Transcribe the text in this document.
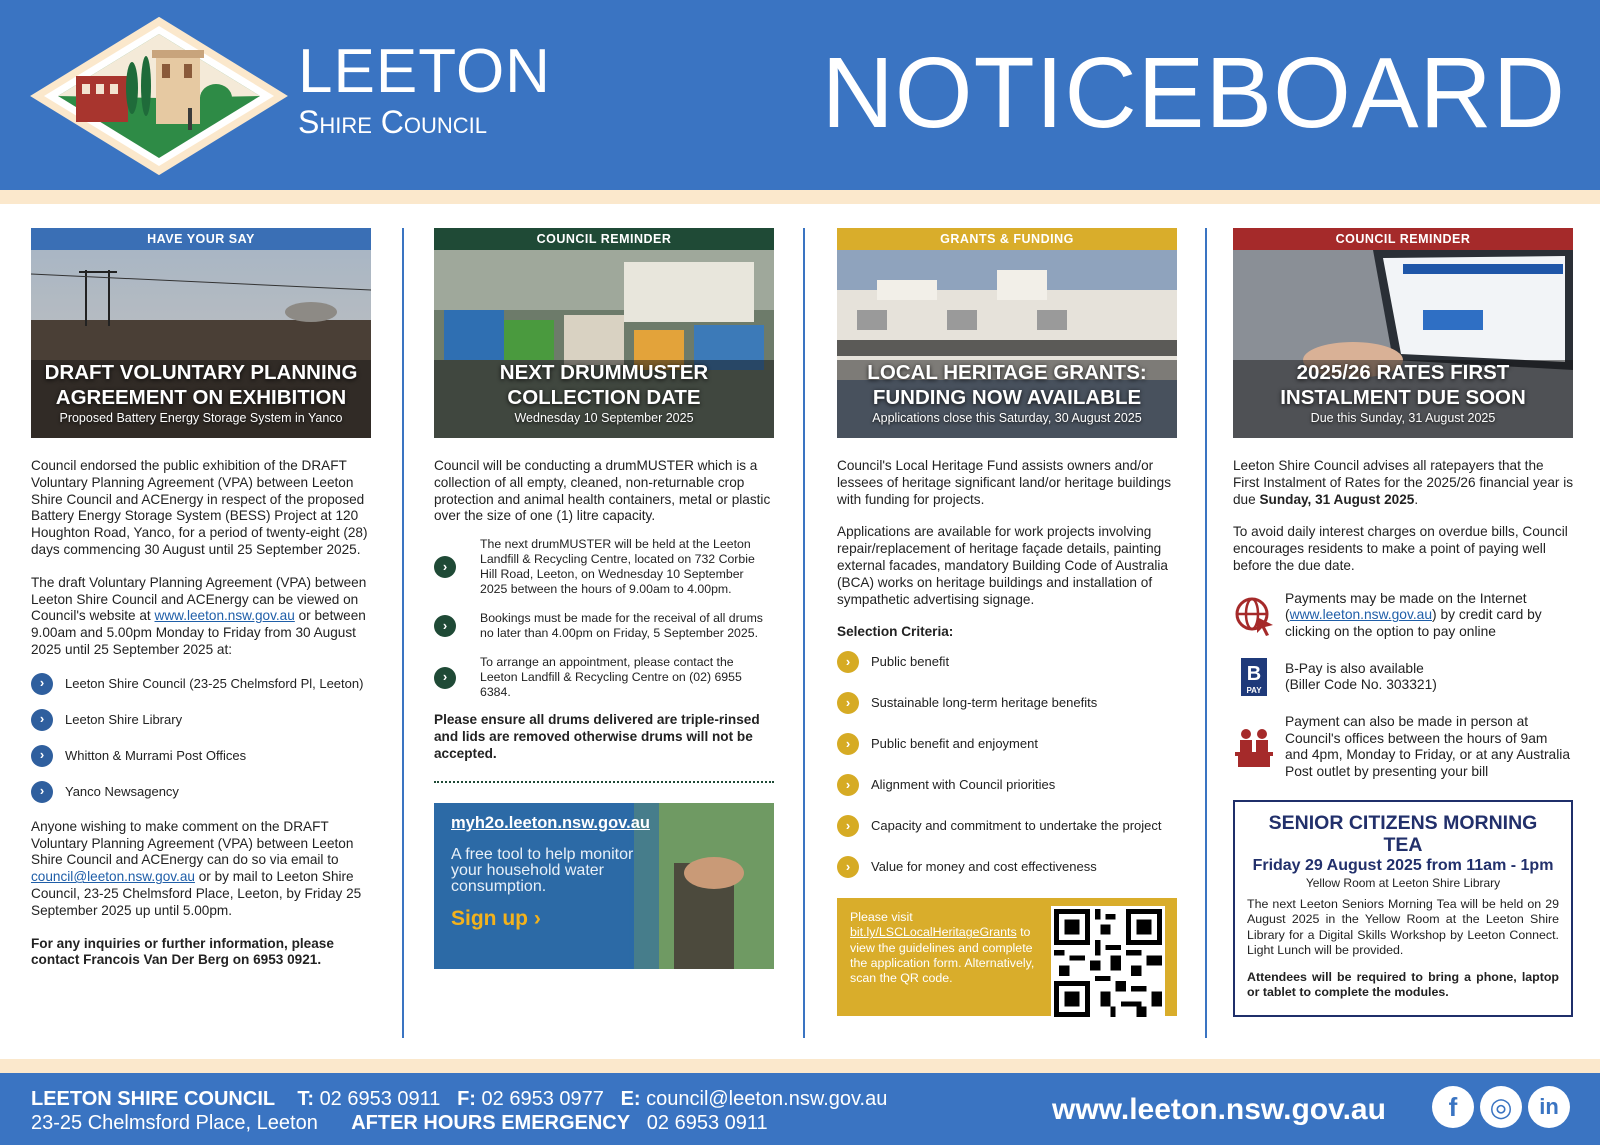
LEETON
Shire Council	NOTICEBOARD
HAVE YOUR SAY
DRAFT VOLUNTARY PLANNING AGREEMENT ON EXHIBITION
Proposed Battery Energy Storage System in Yanco
Council endorsed the public exhibition of the DRAFT Voluntary Planning Agreement (VPA) between Leeton Shire Council and ACEnergy in respect of the proposed Battery Energy Storage System (BESS) Project at 120 Houghton Road, Yanco, for a period of twenty-eight (28) days commencing 30 August until 25 September 2025.
The draft Voluntary Planning Agreement (VPA) between Leeton Shire Council and ACEnergy can be viewed on Council's website at www.leeton.nsw.gov.au or between 9.00am and 5.00pm Monday to Friday from 30 August 2025 until 25 September 2025 at:
›	Leeton Shire Council (23-25 Chelmsford Pl, Leeton)
›	Leeton Shire Library
›	Whitton & Murrami Post Offices
›	Yanco Newsagency
Anyone wishing to make comment on the DRAFT Voluntary Planning Agreement (VPA) between Leeton Shire Council and ACEnergy can do so via email to council@leeton.nsw.gov.au or by mail to Leeton Shire Council, 23-25 Chelmsford Place, Leeton, by Friday 25 September 2025 up until 5.00pm.
For any inquiries or further information, please contact Francois Van Der Berg on 6953 0921.
COUNCIL REMINDER
NEXT DRUMMUSTER COLLECTION DATE
Wednesday 10 September 2025
Council will be conducting a drumMUSTER which is a collection of all empty, cleaned, non-returnable crop protection and animal health containers, metal or plastic over the size of one (1) litre capacity.
›
The next drumMUSTER will be held at the Leeton Landfill & Recycling Centre, located on 732 Corbie Hill Road, Leeton, on Wednesday 10 September 2025 between the hours of 9.00am to 4.00pm.
›	Bookings must be made for the receival of all drums no later than 4.00pm on Friday, 5 September 2025.
›
To arrange an appointment, please contact the Leeton Landfill & Recycling Centre on (02) 6955 6384.
Please ensure all drums delivered are triple-rinsed and lids are removed otherwise drums will not be accepted.
myh2o.leeton.nsw.gov.au
A free tool to help monitor your household water consumption.
Sign up ›
GRANTS & FUNDING
LOCAL HERITAGE GRANTS: FUNDING NOW AVAILABLE
Applications close this Saturday, 30 August 2025
Council's Local Heritage Fund assists owners and/or lessees of heritage significant land/or heritage buildings with funding for projects.
Applications are available for work projects involving repair/replacement of heritage façade details, painting external facades, mandatory Building Code of Australia (BCA) works on heritage buildings and installation of sympathetic advertising signage.
Selection Criteria:
›	Public benefit
›	Sustainable long-term heritage benefits
›	Public benefit and enjoyment
›	Alignment with Council priorities
›	Capacity and commitment to undertake the project
›	Value for money and cost effectiveness
Please visit bit.ly/LSCLocalHeritageGrants to view the guidelines and complete the application form. Alternatively, scan the QR code.
COUNCIL REMINDER
2025/26 RATES FIRST INSTALMENT DUE SOON
Due this Sunday, 31 August 2025
Leeton Shire Council advises all ratepayers that the First Instalment of Rates for the 2025/26 financial year is due Sunday, 31 August 2025.
To avoid daily interest charges on overdue bills, Council encourages residents to make a point of paying well before the due date.
Payments may be made on the Internet (www.leeton.nsw.gov.au) by credit card by clicking on the option to pay online
B
PAY
B-Pay is also available
(Biller Code No. 303321)
Payment can also be made in person at Council's offices between the hours of 9am and 4pm, Monday to Friday, or at any Australia Post outlet by presenting your bill
SENIOR CITIZENS MORNING TEA
Friday 29 August 2025 from 11am - 1pm
Yellow Room at Leeton Shire Library
The next Leeton Seniors Morning Tea will be held on 29 August 2025 in the Yellow Room at the Leeton Shire Library for a Digital Skills Workshop by Leeton Connect. Light Lunch will be provided.
Attendees will be required to bring a phone, laptop or tablet to complete the modules.
LEETON SHIRE COUNCIL T: 02 6953 0911 F: 02 6953 0977 E: council@leeton.nsw.gov.au
23-25 Chelmsford Place, Leeton AFTER HOURS EMERGENCY 02 6953 0911	www.leeton.nsw.gov.au	f	◎	in
